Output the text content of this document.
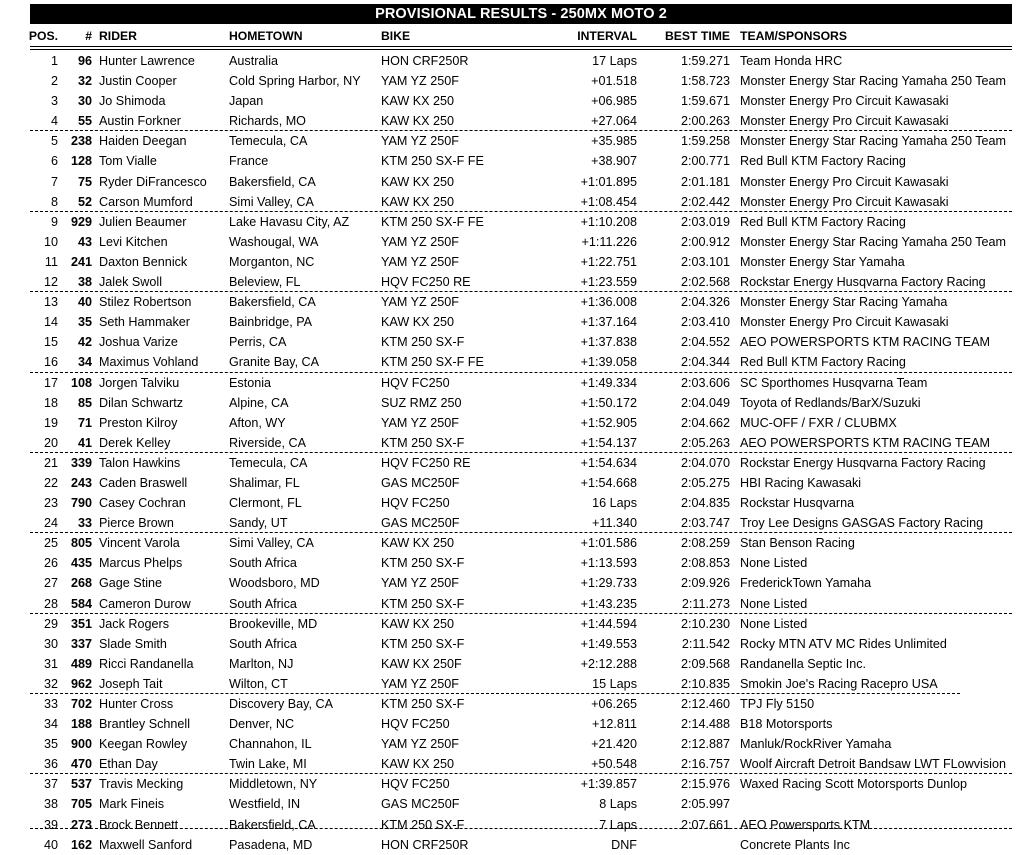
PROVISIONAL RESULTS - 250MX MOTO 2
POS.	# RIDER	HOMETOWN	BIKE	INTERVAL	BEST TIME TEAM/SPONSORS
1	96 Hunter Lawrence	Australia	HON CRF250R	17 Laps	1:59.271 Team Honda HRC
2	32 Justin Cooper	Cold Spring Harbor, NY	YAM YZ 250F	+01.518	1:58.723 Monster Energy Star Racing Yamaha 250 Team
3	30 Jo Shimoda	Japan	KAW KX 250	+06.985	1:59.671 Monster Energy Pro Circuit Kawasaki
4	55 Austin Forkner	Richards, MO	KAW KX 250	+27.064	2:00.263 Monster Energy Pro Circuit Kawasaki
5	238 Haiden Deegan	Temecula, CA	YAM YZ 250F	+35.985	1:59.258 Monster Energy Star Racing Yamaha 250 Team
6	128 Tom Vialle	France	KTM 250 SX-F FE	+38.907	2:00.771 Red Bull KTM Factory Racing
7	75 Ryder DiFrancesco	Bakersfield, CA	KAW KX 250	+1:01.895	2:01.181 Monster Energy Pro Circuit Kawasaki
8	52 Carson Mumford	Simi Valley, CA	KAW KX 250	+1:08.454	2:02.442 Monster Energy Pro Circuit Kawasaki
9	929 Julien Beaumer	Lake Havasu City, AZ	KTM 250 SX-F FE	+1:10.208	2:03.019 Red Bull KTM Factory Racing
10	43 Levi Kitchen	Washougal, WA	YAM YZ 250F	+1:11.226	2:00.912 Monster Energy Star Racing Yamaha 250 Team
11	241 Daxton Bennick	Morganton, NC	YAM YZ 250F	+1:22.751	2:03.101 Monster Energy Star Yamaha
12	38 Jalek Swoll	Beleview, FL	HQV FC250 RE	+1:23.559	2:02.568 Rockstar Energy Husqvarna Factory Racing
13	40 Stilez Robertson	Bakersfield, CA	YAM YZ 250F	+1:36.008	2:04.326 Monster Energy Star Racing Yamaha
14	35 Seth Hammaker	Bainbridge, PA	KAW KX 250	+1:37.164	2:03.410 Monster Energy Pro Circuit Kawasaki
15	42 Joshua Varize	Perris, CA	KTM 250 SX-F	+1:37.838	2:04.552 AEO POWERSPORTS KTM RACING TEAM
16	34 Maximus Vohland	Granite Bay, CA	KTM 250 SX-F FE	+1:39.058	2:04.344 Red Bull KTM Factory Racing
17	108 Jorgen Talviku	Estonia	HQV FC250	+1:49.334	2:03.606 SC Sporthomes Husqvarna Team
18	85 Dilan Schwartz	Alpine, CA	SUZ RMZ 250	+1:50.172	2:04.049 Toyota of Redlands/BarX/Suzuki
19	71 Preston Kilroy	Afton, WY	YAM YZ 250F	+1:52.905	2:04.662 MUC-OFF / FXR / CLUBMX
20	41 Derek Kelley	Riverside, CA	KTM 250 SX-F	+1:54.137	2:05.263 AEO POWERSPORTS KTM RACING TEAM
21	339 Talon Hawkins	Temecula, CA	HQV FC250 RE	+1:54.634	2:04.070 Rockstar Energy Husqvarna Factory Racing
22	243 Caden Braswell	Shalimar, FL	GAS MC250F	+1:54.668	2:05.275 HBI Racing Kawasaki
23	790 Casey Cochran	Clermont, FL	HQV FC250	16 Laps	2:04.835 Rockstar Husqvarna
24	33 Pierce Brown	Sandy, UT	GAS MC250F	+11.340	2:03.747 Troy Lee Designs GASGAS Factory Racing
25	805 Vincent Varola	Simi Valley, CA	KAW KX 250	+1:01.586	2:08.259 Stan Benson Racing
26	435 Marcus Phelps	South Africa	KTM 250 SX-F	+1:13.593	2:08.853 None Listed
27	268 Gage Stine	Woodsboro, MD	YAM YZ 250F	+1:29.733	2:09.926 FrederickTown Yamaha
28	584 Cameron Durow	South Africa	KTM 250 SX-F	+1:43.235	2:11.273 None Listed
29	351 Jack Rogers	Brookeville, MD	KAW KX 250	+1:44.594	2:10.230 None Listed
30	337 Slade Smith	South Africa	KTM 250 SX-F	+1:49.553	2:11.542 Rocky MTN ATV MC Rides Unlimited
31	489 Ricci Randanella	Marlton, NJ	KAW KX 250F	+2:12.288	2:09.568 Randanella Septic Inc.
32	962 Joseph Tait	Wilton, CT	YAM YZ 250F	15 Laps	2:10.835 Smokin Joe's Racing Racepro USA
33	702 Hunter Cross	Discovery Bay, CA	KTM 250 SX-F	+06.265	2:12.460 TPJ Fly 5150
34	188 Brantley Schnell	Denver, NC	HQV FC250	+12.811	2:14.488 B18 Motorsports
35	900 Keegan Rowley	Channahon, IL	YAM YZ 250F	+21.420	2:12.887 Manluk/RockRiver Yamaha
36	470 Ethan Day	Twin Lake, MI	KAW KX 250	+50.548	2:16.757 Woolf Aircraft Detroit Bandsaw LWT FLowvision
37	537 Travis Mecking	Middletown, NY	HQV FC250	+1:39.857	2:15.976 Waxed Racing Scott Motorsports Dunlop
38	705 Mark Fineis	Westfield, IN	GAS MC250F	8 Laps	2:05.997
39	273 Brock Bennett	Bakersfield, CA	KTM 250 SX-F	7 Laps	2:07.661 AEO Powersports KTM
40	162 Maxwell Sanford	Pasadena, MD	HON CRF250R	DNF	Concrete Plants Inc
